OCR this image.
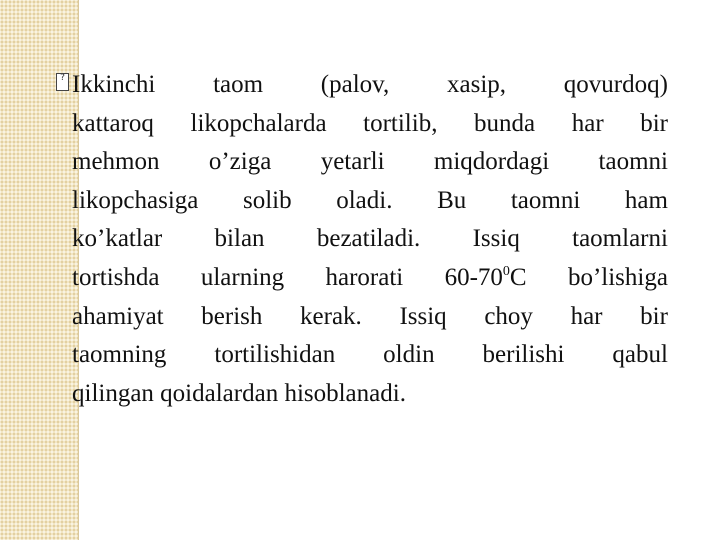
? Ikkinchi taom (palov, xasip, qovurdoq)
kattaroq likopchalarda tortilib, bunda har bir
mehmon o’ziga yetarli miqdordagi taomni
likopchasiga solib oladi. Bu taomni ham
ko’katlar bilan bezatiladi. Issiq taomlarni
tortishda ularning harorati $60-70^0C$ bo’lishiga
ahamiyat berish kerak. Issiq choy har bir
taomning tortilishidan oldin berilishi qabul
qilingan qoidalardan hisoblanadi.
